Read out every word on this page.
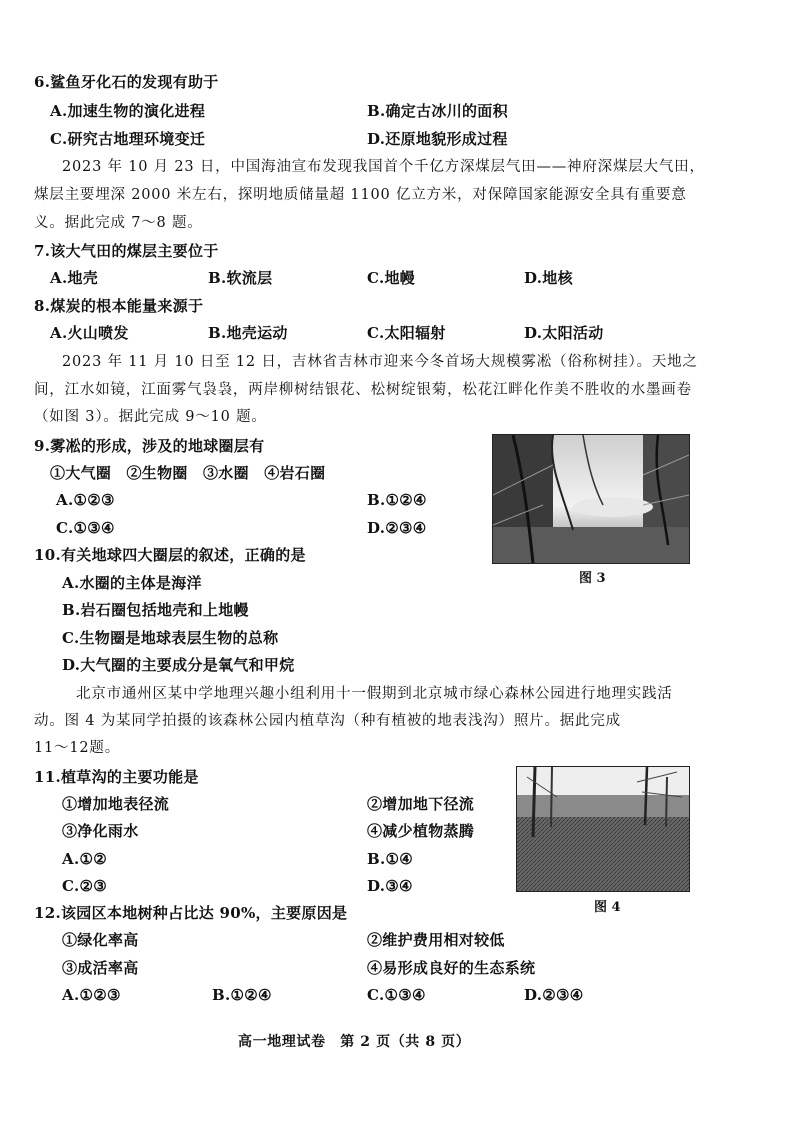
6.鲨鱼牙化石的发现有助于
A.加速生物的演化进程	B.确定古冰川的面积
C.研究古地理环境变迁	D.还原地貌形成过程
2023 年 10 月 23 日，中国海油宣布发现我国首个千亿方深煤层气田——神府深煤层大气田，
煤层主要埋深 2000 米左右，探明地质储量超 1100 亿立方米，对保障国家能源安全具有重要意
义。据此完成 7～8 题。
7.该大气田的煤层主要位于
A.地壳	B.软流层	C.地幔	D.地核
8.煤炭的根本能量来源于
A.火山喷发	B.地壳运动	C.太阳辐射	D.太阳活动
2023 年 11 月 10 日至 12 日，吉林省吉林市迎来今冬首场大规模雾凇（俗称树挂）。天地之
间，江水如镜，江面雾气袅袅，两岸柳树结银花、松树绽银菊，松花江畔化作美不胜收的水墨画卷
（如图 3）。据此完成 9～10 题。
9.雾凇的形成，涉及的地球圈层有
①大气圈　②生物圈　③水圈　④岩石圈
A.①②③	B.①②④
C.①③④	D.②③④
图 3
10.有关地球四大圈层的叙述，正确的是
A.水圈的主体是海洋
B.岩石圈包括地壳和上地幔
C.生物圈是地球表层生物的总称
D.大气圈的主要成分是氧气和甲烷
北京市通州区某中学地理兴趣小组利用十一假期到北京城市绿心森林公园进行地理实践活
动。图 4 为某同学拍摄的该森林公园内植草沟（种有植被的地表浅沟）照片。据此完成
11～12题。
11.植草沟的主要功能是
①增加地表径流	②增加地下径流
③净化雨水	④减少植物蒸腾
A.①②	B.①④
C.②③	D.③④
图 4
12.该园区本地树种占比达 90%，主要原因是
①绿化率高	②维护费用相对较低
③成活率高	④易形成良好的生态系统
A.①②③	B.①②④	C.①③④	D.②③④
高一地理试卷　第 2 页（共 8 页）
